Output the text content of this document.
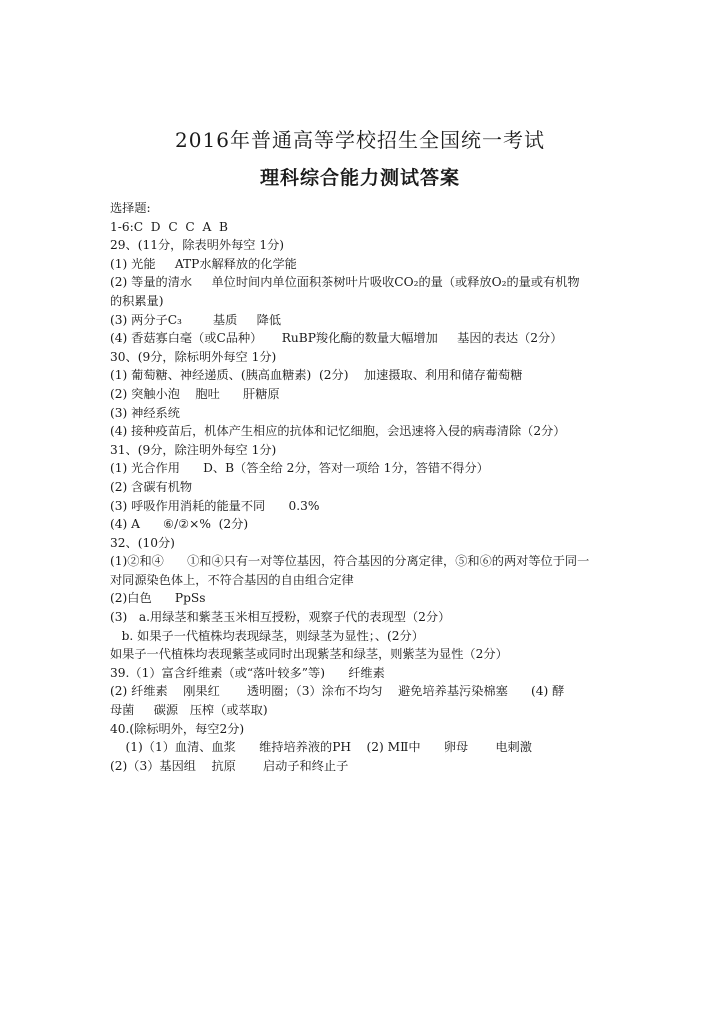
2016年普通高等学校招生全国统一考试
理科综合能力测试答案
选择题:
1-6:C  D  C  C  A  B
29、(11分，除表明外每空 1分)
(1) 光能     ATP水解释放的化学能
(2) 等量的清水     单位时间内单位面积茶树叶片吸收CO₂的量（或释放O₂的量或有机物
的积累量)
(3) 两分子C₃        基质     降低
(4) 香菇寡白毫（或C品种）     RuBP羧化酶的数量大幅增加     基因的表达（2分）
30、(9分，除标明外每空 1分)
(1) 葡萄糖、神经递质、(胰高血糖素)  (2分)    加速摄取、利用和储存葡萄糖
(2) 突触小泡    胞吐      肝糖原
(3) 神经系统
(4) 接种疫苗后，机体产生相应的抗体和记忆细胞，会迅速将入侵的病毒清除（2分）
31、(9分，除注明外每空 1分)
(1) 光合作用      D、B（答全给 2分，答对一项给 1分，答错不得分）
(2) 含碳有机物
(3) 呼吸作用消耗的能量不同      0.3%
(4) A      ⑥/②×%  (2分)
32、(10分)
(1)②和④      ①和④只有一对等位基因，符合基因的分离定律，⑤和⑥的两对等位于同一
对同源染色体上，不符合基因的自由组合定律
(2)白色      PpSs
(3)   a.用绿茎和紫茎玉米相互授粉，观察子代的表现型（2分）
b. 如果子一代植株均表现绿茎，则绿茎为显性；、(2分）
如果子一代植株均表现紫茎或同时出现紫茎和绿茎，则紫茎为显性（2分）
39.（1）富含纤维素（或“落叶较多”等)      纤维素
(2) 纤维素    刚果红       透明圈；（3）涂布不均匀    避免培养基污染棉塞      (4) 酵
母菌     碳源   压榨（或萃取)
40.(除标明外，每空2分)
(1)（1）血清、血浆      维持培养液的PH    (2) MⅡ中      卵母       电刺激
(2)（3）基因组    抗原       启动子和终止子
